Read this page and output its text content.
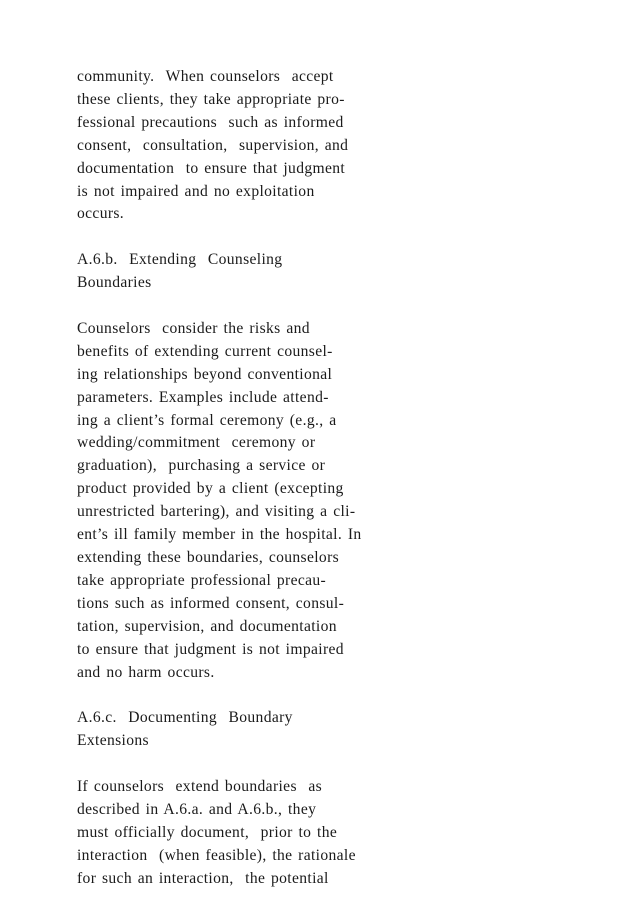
community.  When counselors  accept
these clients, they take appropriate pro-
fessional precautions  such as informed
consent,  consultation,  supervision, and
documentation  to ensure that judgment
is not impaired and no exploitation
occurs.
A.6.b.  Extending  Counseling
Boundaries
Counselors  consider the risks and
benefits of extending current counsel-
ing relationships beyond conventional
parameters. Examples include attend-
ing a client’s formal ceremony (e.g., a
wedding/commitment  ceremony or
graduation),  purchasing a service or
product provided by a client (excepting
unrestricted bartering), and visiting a cli-
ent’s ill family member in the hospital. In
extending these boundaries, counselors
take appropriate professional precau-
tions such as informed consent, consul-
tation, supervision, and documentation
to ensure that judgment is not impaired
and no harm occurs.
A.6.c.  Documenting  Boundary
Extensions
If counselors  extend boundaries  as
described in A.6.a. and A.6.b., they
must officially document,  prior to the
interaction  (when feasible), the rationale
for such an interaction,  the potential
